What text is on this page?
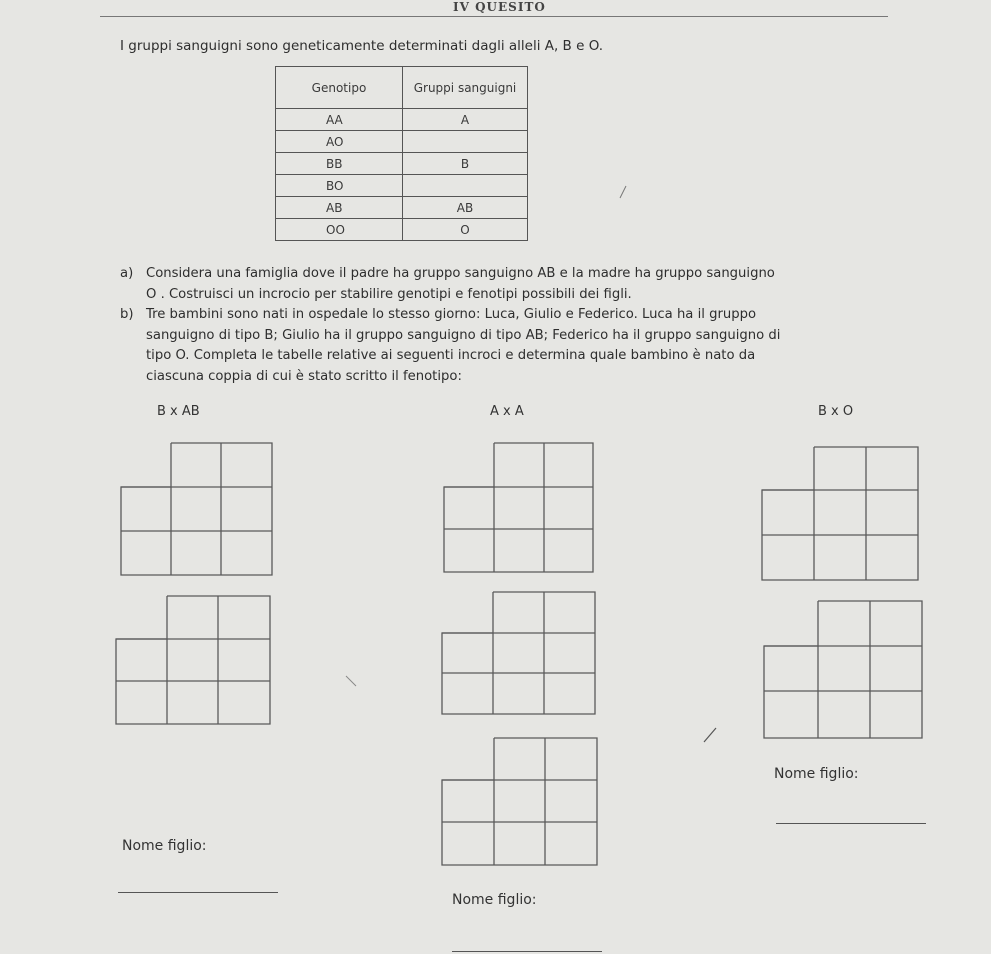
IV QUESITO
I gruppi sanguigni sono geneticamente determinati dagli alleli A, B e O.
Genotipo	Gruppi sanguigni
AA	A
AO	
BB	B
BO	
AB	AB
OO	O
a) Considera una famiglia dove il padre ha gruppo sanguigno AB e la madre ha gruppo sanguigno
O . Costruisci un incrocio per stabilire genotipi e fenotipi possibili dei figli.
b) Tre bambini sono nati in ospedale lo stesso giorno: Luca, Giulio e Federico. Luca ha il gruppo
sanguigno di tipo B; Giulio ha il gruppo sanguigno di tipo AB; Federico ha il gruppo sanguigno di
tipo O. Completa le tabelle relative ai seguenti incroci e determina quale bambino è nato da
ciascuna coppia di cui è stato scritto il fenotipo:
B x AB	A x A	B x O
Nome figlio:
Nome figlio:
Nome figlio:
